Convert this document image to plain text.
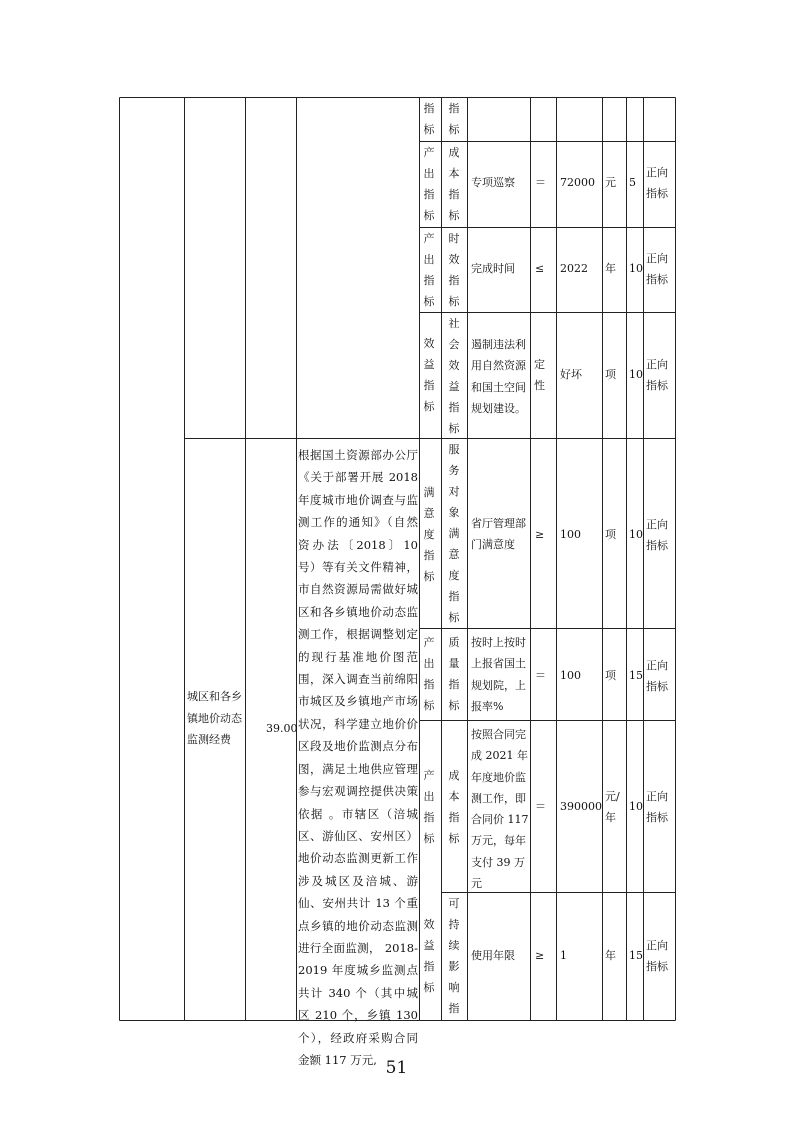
指标
指标
产出指标
成本指标
专项巡察 ＝ 72000 元 5
正向指标
产出指标
时效指标
完成时间 ≤ 2022 年 10
正向指标
效益指标
社会效益指标
遏制违法利用自然资源和国土空间规划建设。
定性
好坏 项 10
正向指标
城区和各乡镇地价动态监测经费
39.00
根据国土资源部办公厅《关于部署开展 2018 年度城市地价调查与监测工作的通知》（自然资办法〔2018〕10 号）等有关文件精神，市自然资源局需做好城区和各乡镇地价动态监测工作，根据调整划定的现行基准地价图范围，深入调查当前绵阳市城区及乡镇地产市场状况，科学建立地价价区段及地价监测点分布图，满足土地供应管理参与宏观调控提供决策依据 。市辖区（涪城区、游仙区、安州区）地价动态监测更新工作涉及城区及涪城、游仙、安州共计 13 个重点乡镇的地价动态监测进行全面监测， 2018-2019 年度城乡监测点共计 340 个（其中城区 210 个，乡镇 130 个），经政府采购合同金额 117 万元,
满意度指标
服务对象满意度指标
省厅管理部门满意度
≥ 100 项 10
正向指标
产出指标
质量指标
按时上按时上报省国土规划院，上报率%
＝ 100 项 15
正向指标
产出指标
成本指标
按照合同完成 2021 年年度地价监测工作，即合同价 117 万元，每年支付 39 万元
＝ 390000
元/年
10
正向指标
效益指标
可持续影响指
使用年限 ≥ 1	年 15
正向指标
51
